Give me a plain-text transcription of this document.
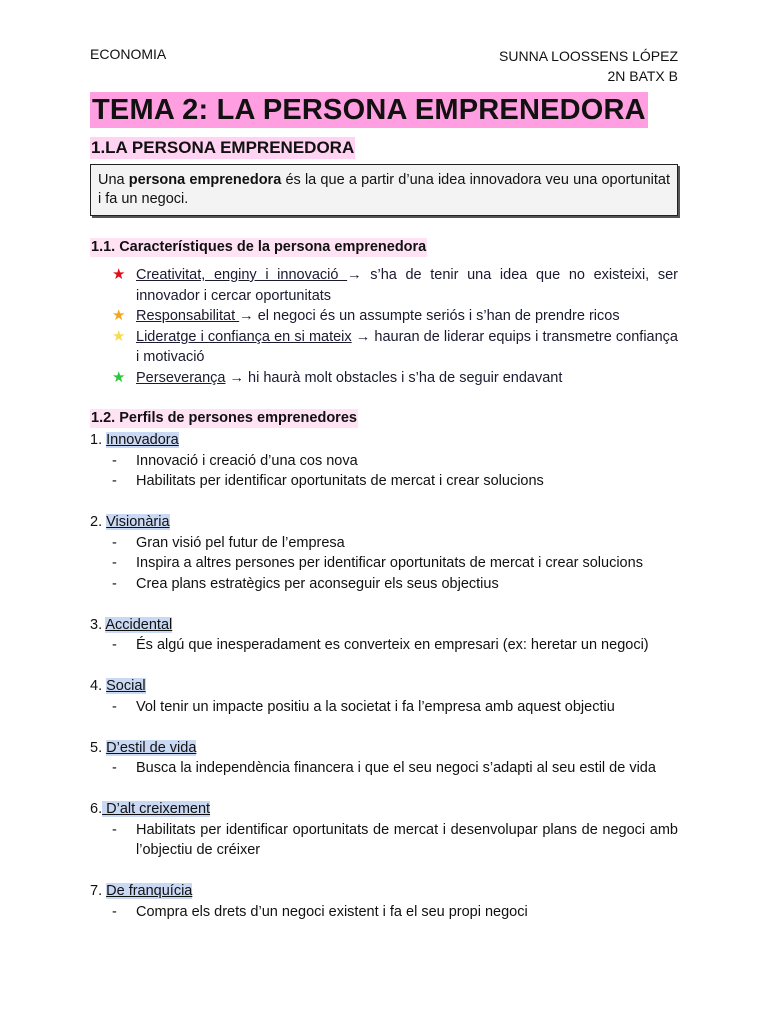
ECONOMIA	SUNNA LOOSSENS LÓPEZ
2N BATX B
TEMA 2: LA PERSONA EMPRENEDORA
1.LA PERSONA EMPRENEDORA
Una persona emprenedora és la que a partir d’una idea innovadora veu una oportunitat i fa un negoci.
1.1. Característiques de la persona emprenedora
★ Creativitat, enginy i innovació → s’ha de tenir una idea que no existeixi, ser innovador i cercar oportunitats
★ Responsabilitat → el negoci és un assumpte seriós i s’han de prendre ricos
★ Lideratge i confiança en si mateix → hauran de liderar equips i transmetre confiança i motivació
★ Perseverança → hi haurà molt obstacles i s’ha de seguir endavant
1.2. Perfils de persones emprenedores
1. Innovadora
- Innovació i creació d’una cos nova
- Habilitats per identificar oportunitats de mercat i crear solucions
2. Visionària
- Gran visió pel futur de l’empresa
- Inspira a altres persones per identificar oportunitats de mercat i crear solucions
- Crea plans estratègics per aconseguir els seus objectius
3. Accidental
- És algú que inesperadament es converteix en empresari (ex: heretar un negoci)
4. Social
- Vol tenir un impacte positiu a la societat i fa l’empresa amb aquest objectiu
5. D’estil de vida
- Busca la independència financera i que el seu negoci s’adapti al seu estil de vida
6. D’alt creixement
- Habilitats per identificar oportunitats de mercat i desenvolupar plans de negoci amb l’objectiu de créixer
7. De franquícia
- Compra els drets d’un negoci existent i fa el seu propi negoci
